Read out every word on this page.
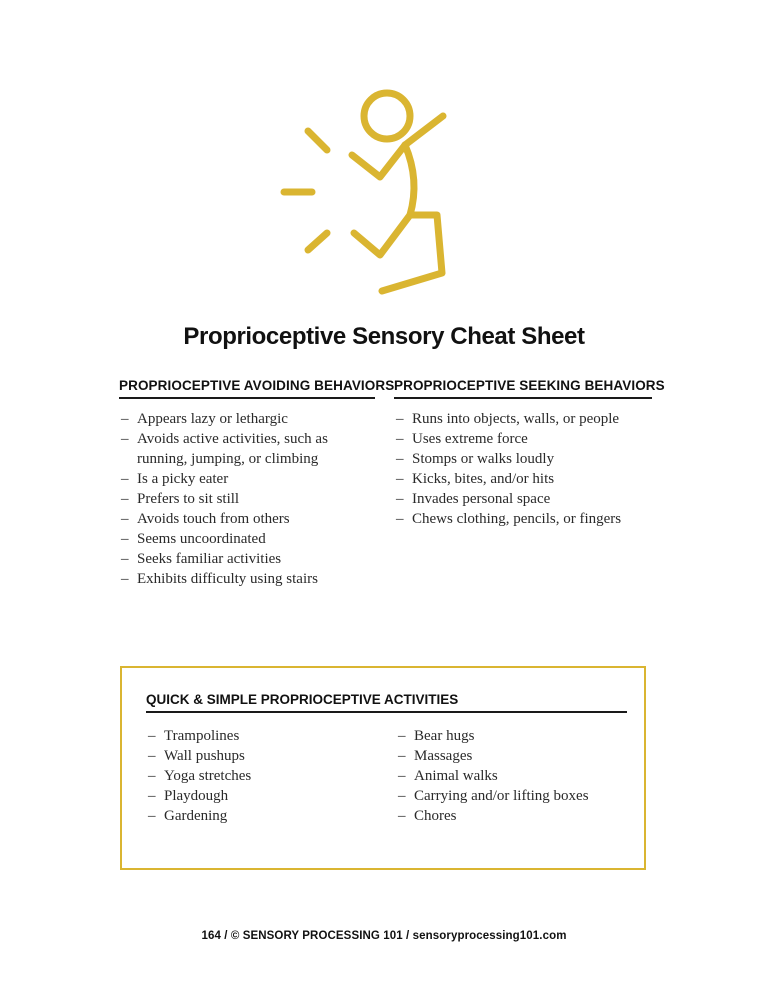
Proprioceptive Sensory Cheat Sheet
PROPRIOCEPTIVE AVOIDING BEHAVIORS
– Appears lazy or lethargic
– Avoids active activities, such as running, jumping, or climbing
– Is a picky eater
– Prefers to sit still
– Avoids touch from others
– Seems uncoordinated
– Seeks familiar activities
– Exhibits difficulty using stairs
PROPRIOCEPTIVE SEEKING BEHAVIORS
– Runs into objects, walls, or people
– Uses extreme force
– Stomps or walks loudly
– Kicks, bites, and/or hits
– Invades personal space
– Chews clothing, pencils, or fingers
QUICK & SIMPLE PROPRIOCEPTIVE ACTIVITIES
– Trampolines
– Wall pushups
– Yoga stretches
– Playdough
– Gardening
– Bear hugs
– Massages
– Animal walks
– Carrying and/or lifting boxes
– Chores
164 / © SENSORY PROCESSING 101 / sensoryprocessing101.com
